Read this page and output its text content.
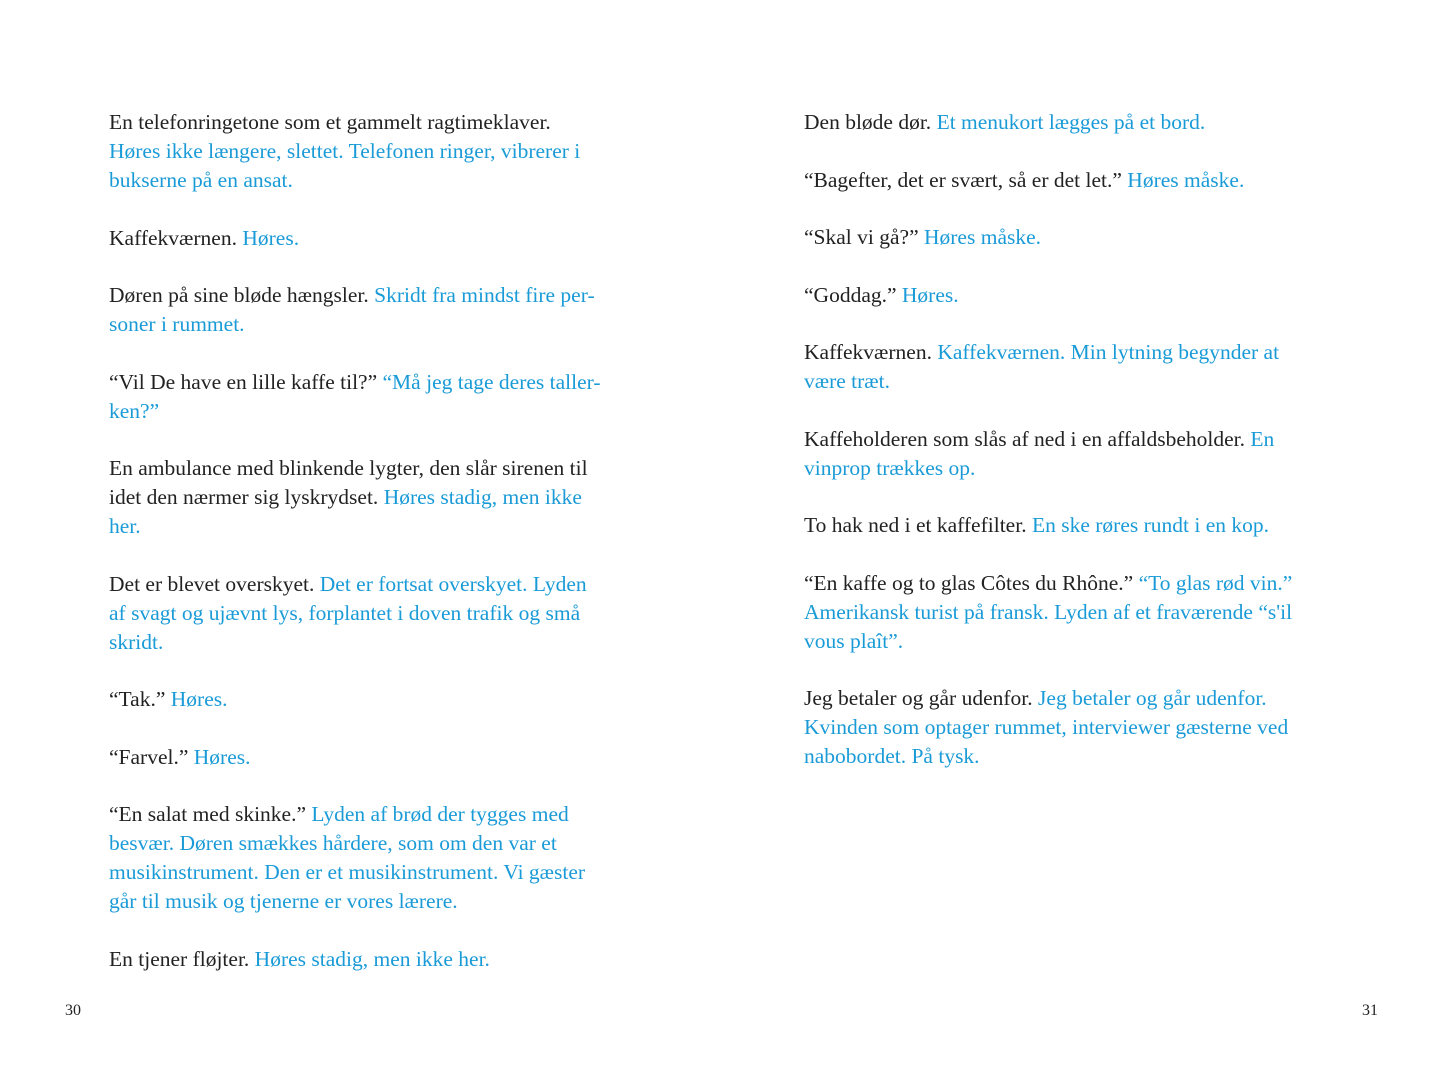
En telefonringetone som et gammelt ragtimeklaver.
Høres ikke længere, slettet. Telefonen ringer, vibrerer i
bukserne på en ansat.

Kaffekværnen. Høres.

Døren på sine bløde hængsler. Skridt fra mindst fire per-
soner i rummet.

“Vil De have en lille kaffe til?” “Må jeg tage deres taller-
ken?”

En ambulance med blinkende lygter, den slår sirenen til
idet den nærmer sig lyskrydset. Høres stadig, men ikke
her.

Det er blevet overskyet. Det er fortsat overskyet. Lyden
af svagt og ujævnt lys, forplantet i doven trafik og små
skridt.

“Tak.” Høres.

“Farvel.” Høres.

“En salat med skinke.” Lyden af brød der tygges med
besvær. Døren smækkes hårdere, som om den var et
musikinstrument. Den er et musikinstrument. Vi gæster
går til musik og tjenerne er vores lærere.

En tjener fløjter. Høres stadig, men ikke her.

30

Den bløde dør. Et menukort lægges på et bord.

“Bagefter, det er svært, så er det let.” Høres måske.

“Skal vi gå?” Høres måske.

“Goddag.” Høres.

Kaffekværnen. Kaffekværnen. Min lytning begynder at
være træt.

Kaffeholderen som slås af ned i en affaldsbeholder. En
vinprop trækkes op.

To hak ned i et kaffefilter. En ske røres rundt i en kop.

“En kaffe og to glas Côtes du Rhône.” “To glas rød vin.”
Amerikansk turist på fransk. Lyden af et fraværende “s'il
vous plaît”.

Jeg betaler og går udenfor. Jeg betaler og går udenfor.
Kvinden som optager rummet, interviewer gæsterne ved
nabobordet. På tysk.

31
